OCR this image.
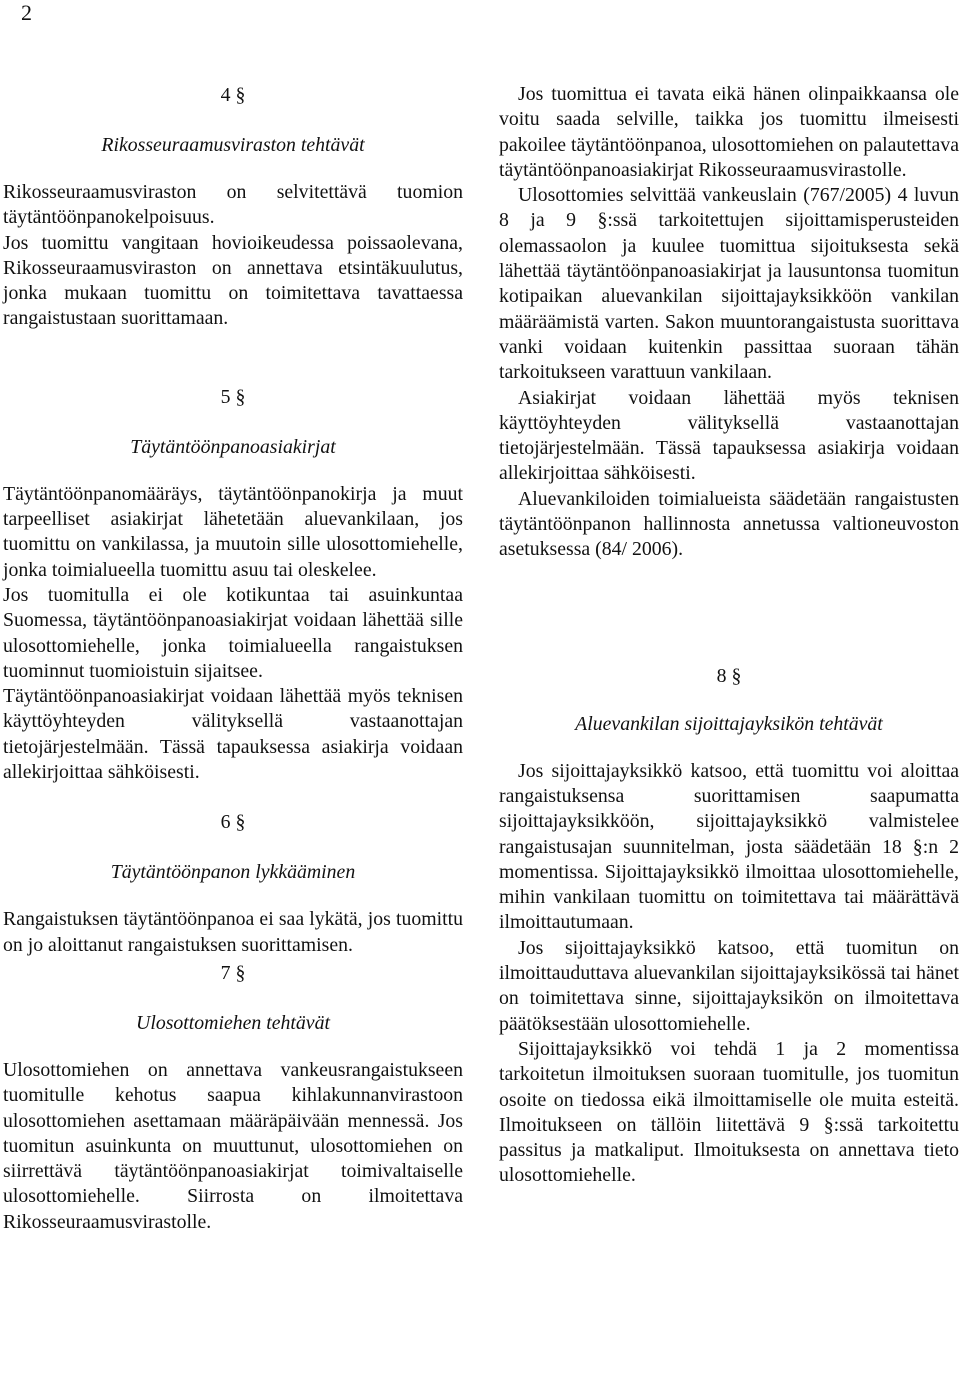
2
4 §
Rikosseuraamusviraston tehtävät

Rikosseuraamusviraston on selvitettävä tuomion täytäntöönpanokelpoisuus.

Jos tuomittu vangitaan hovioikeudessa poissaolevana, Rikosseuraamusviraston on annettava etsintäkuulutus, jonka mukaan tuomittu on toimitettava tavattaessa rangaistustaan suorittamaan.

5 §
Täytäntöönpanoasiakirjat

Täytäntöönpanomääräys, täytäntöönpanokirja ja muut tarpeelliset asiakirjat lähetetään aluevankilaan, jos tuomittu on vankilassa, ja muutoin sille ulosottomiehelle, jonka toimialueella tuomittu asuu tai oleskelee.

Jos tuomitulla ei ole kotikuntaa tai asuinkuntaa Suomessa, täytäntöönpanoasiakirjat voidaan lähettää sille ulosottomiehelle, jonka toimialueella rangaistuksen tuominnut tuomioistuin sijaitsee.

Täytäntöönpanoasiakirjat voidaan lähettää myös teknisen käyttöyhteyden välityksellä vastaanottajan tietojärjestelmään. Tässä tapauksessa asiakirja voidaan allekirjoittaa sähköisesti.

6 §
Täytäntöönpanon lykkääminen

Rangaistuksen täytäntöönpanoa ei saa lykätä, jos tuomittu on jo aloittanut rangaistuksen suorittamisen.

7 §
Ulosottomiehen tehtävät

Ulosottomiehen on annettava vankeusrangaistukseen tuomitulle kehotus saapua kihlakunnanvirastoon ulosottomiehen asettamaan määräpäivään mennessä. Jos tuomitun asuinkunta on muuttunut, ulosottomiehen on siirrettävä täytäntöönpanoasiakirjat toimivaltaiselle ulosottomiehelle. Siirrosta on ilmoitettava Rikosseuraamusvirastolle.

Jos tuomittua ei tavata eikä hänen olinpaikkaansa ole voitu saada selville, taikka jos tuomittu ilmeisesti pakoilee täytäntöönpanoa, ulosottomiehen on palautettava täytäntöönpanoasiakirjat Rikosseuraamusvirastolle.

Ulosottomies selvittää vankeuslain (767/2005) 4 luvun 8 ja 9 §:ssä tarkoitettujen sijoittamisperusteiden olemassaolon ja kuulee tuomittua sijoituksesta sekä lähettää täytäntöönpanoasiakirjat ja lausuntonsa tuomitun kotipaikan aluevankilan sijoittajayksikköön vankilan määräämistä varten. Sakon muuntorangaistusta suorittava vanki voidaan kuitenkin passittaa suoraan tähän tarkoitukseen varattuun vankilaan.

Asiakirjat voidaan lähettää myös teknisen käyttöyhteyden välityksellä vastaanottajan tietojärjestelmään. Tässä tapauksessa asiakirja voidaan allekirjoittaa sähköisesti.

Aluevankiloiden toimialueista säädetään rangaistusten täytäntöönpanon hallinnosta annetussa valtioneuvoston asetuksessa (84/ 2006).

8 §
Aluevankilan sijoittajayksikön tehtävät

Jos sijoittajayksikkö katsoo, että tuomittu voi aloittaa rangaistuksensa suorittamisen saapumatta sijoittajayksikköön, sijoittajayksikkö valmistelee rangaistusajan suunnitelman, josta säädetään 18 §:n 2 momentissa. Sijoittajayksikkö ilmoittaa ulosottomiehelle, mihin vankilaan tuomittu on toimitettava tai määrättävä ilmoittautumaan.

Jos sijoittajayksikkö katsoo, että tuomitun on ilmoittauduttava aluevankilan sijoittajayksikössä tai hänet on toimitettava sinne, sijoittajayksikön on ilmoitettava päätöksestään ulosottomiehelle.

Sijoittajayksikkö voi tehdä 1 ja 2 momentissa tarkoitetun ilmoituksen suoraan tuomitulle, jos tuomitun osoite on tiedossa eikä ilmoittamiselle ole muita esteitä. Ilmoitukseen on tällöin liitettävä 9 §:ssä tarkoitettu passitus ja matkaliput. Ilmoituksesta on annettava tieto ulosottomiehelle.
